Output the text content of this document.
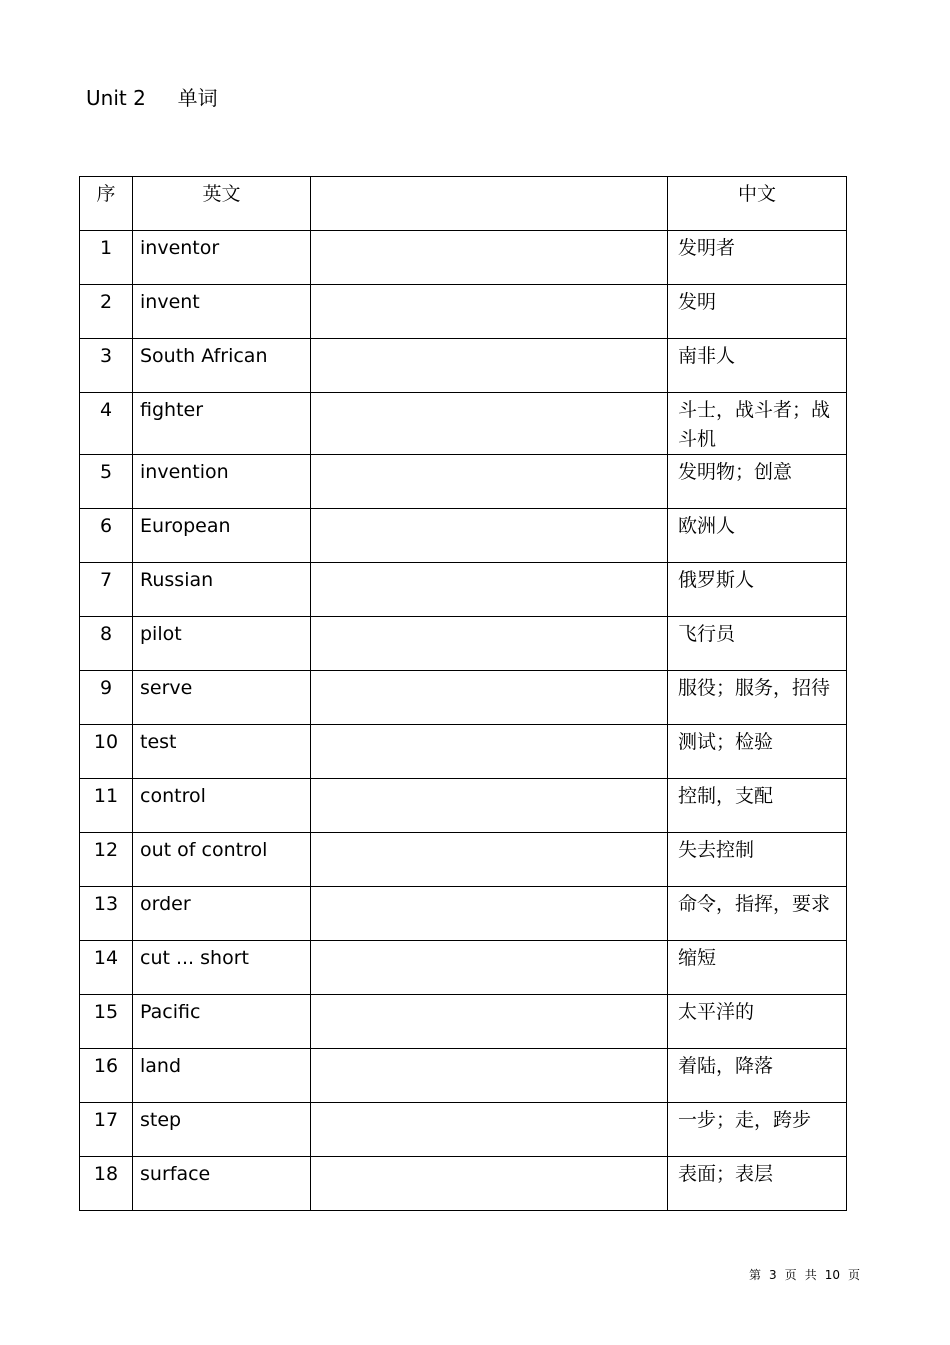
Unit 2     单词
序	英文		中文

1	inventor		发明者

2	invent		发明

3	South African		南非人

4	fighter		斗士，战斗者；战斗机

5	invention		发明物；创意

6	European		欧洲人

7	Russian		俄罗斯人

8	pilot		飞行员

9	serve		服役；服务，招待

10	test		测试；检验

11	control		控制，支配

12	out of control		失去控制

13	order		命令，指挥，要求

14	cut ... short		缩短

15	Pacific		太平洋的

16	land		着陆，降落

17	step		一步；走，跨步

18	surface		表面；表层
第 3 页 共 10 页
